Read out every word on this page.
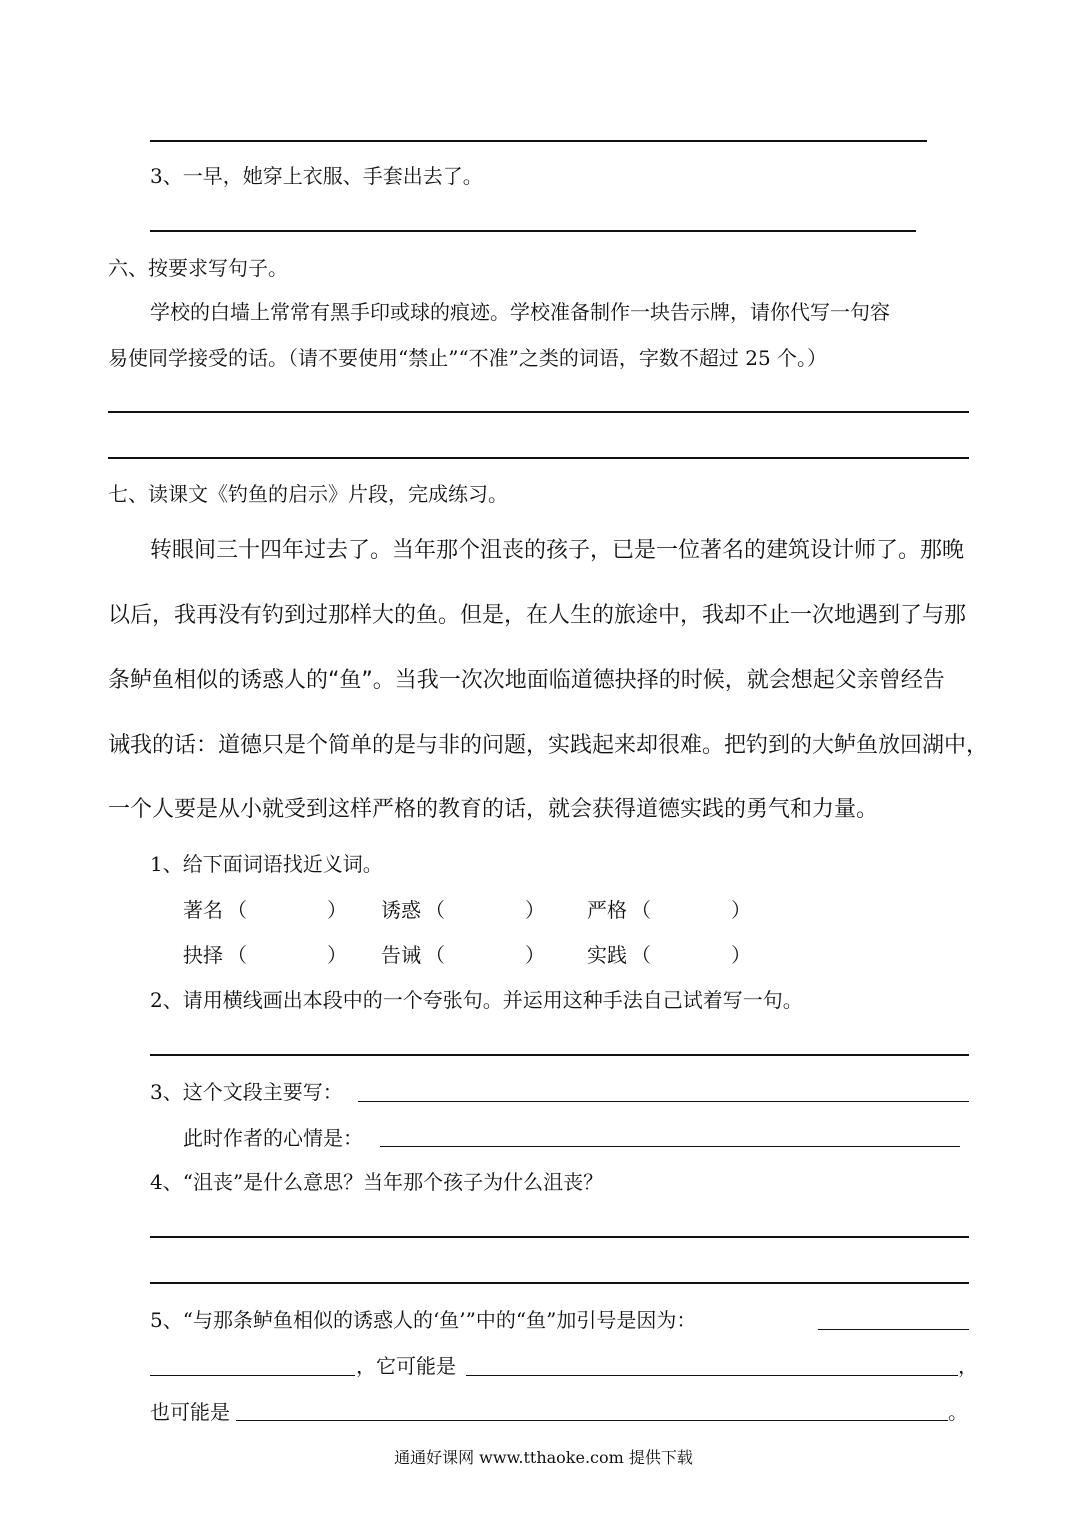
3、一早，她穿上衣服、手套出去了。
六、按要求写句子。
学校的白墙上常常有黑手印或球的痕迹。学校准备制作一块告示牌，请你代写一句容
易使同学接受的话。（请不要使用“禁止”“不准”之类的词语，字数不超过 25 个。）
七、读课文《钓鱼的启示》片段，完成练习。
转眼间三十四年过去了。当年那个沮丧的孩子，已是一位著名的建筑设计师了。那晚
以后，我再没有钓到过那样大的鱼。但是，在人生的旅途中，我却不止一次地遇到了与那
条鲈鱼相似的诱惑人的“鱼”。当我一次次地面临道德抉择的时候，就会想起父亲曾经告
诫我的话：道德只是个简单的是与非的问题，实践起来却很难。把钓到的大鲈鱼放回湖中，
一个人要是从小就受到这样严格的教育的话，就会获得道德实践的勇气和力量。
1、给下面词语找近义词。
著名 （　　　　） 诱惑 （　　　　） 严格 （　　　　）
抉择 （　　　　） 告诫 （　　　　） 实践 （　　　　）
2、请用横线画出本段中的一个夸张句。并运用这种手法自己试着写一句。
3、这个文段主要写：
此时作者的心情是：
4、“沮丧”是什么意思？当年那个孩子为什么沮丧？
5、“与那条鲈鱼相似的诱惑人的‘鱼’”中的“鱼”加引号是因为：
，它可能是	，
也可能是	。
通通好课网 www.tthaoke.com 提供下载
